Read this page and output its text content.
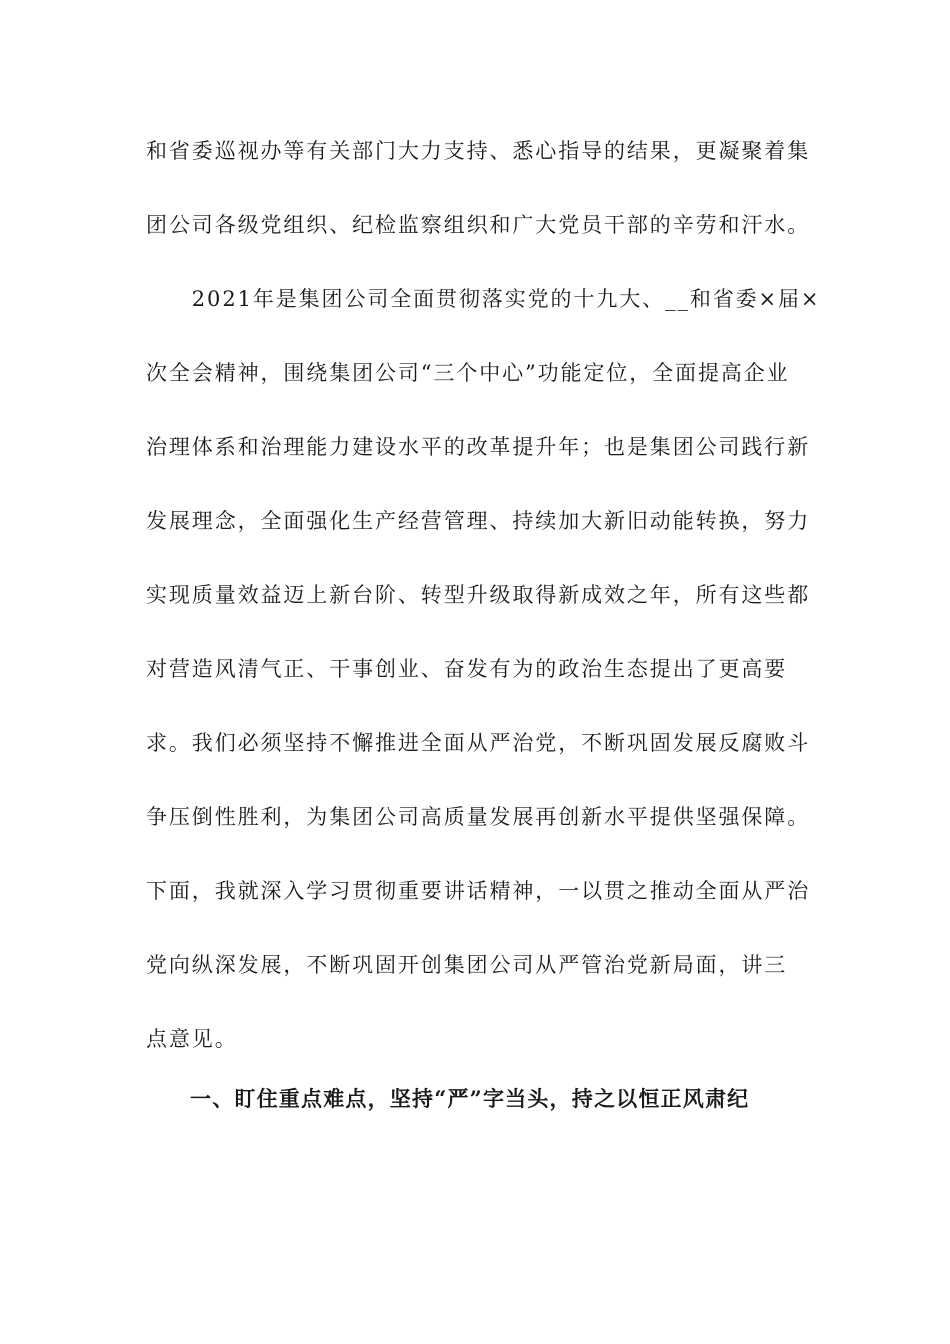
和省委巡视办等有关部门大力支持、悉心指导的结果，更凝聚着集
团公司各级党组织、纪检监察组织和广大党员干部的辛劳和汗水。
　　2021年是集团公司全面贯彻落实党的十九大、__和省委×届×
次全会精神，围绕集团公司“三个中心”功能定位，全面提高企业
治理体系和治理能力建设水平的改革提升年；也是集团公司践行新
发展理念，全面强化生产经营管理、持续加大新旧动能转换，努力
实现质量效益迈上新台阶、转型升级取得新成效之年，所有这些都
对营造风清气正、干事创业、奋发有为的政治生态提出了更高要
求。我们必须坚持不懈推进全面从严治党，不断巩固发展反腐败斗
争压倒性胜利，为集团公司高质量发展再创新水平提供坚强保障。
下面，我就深入学习贯彻重要讲话精神，一以贯之推动全面从严治
党向纵深发展，不断巩固开创集团公司从严管治党新局面，讲三
点意见。
一、盯住重点难点，坚持“严”字当头，持之以恒正风肃纪
